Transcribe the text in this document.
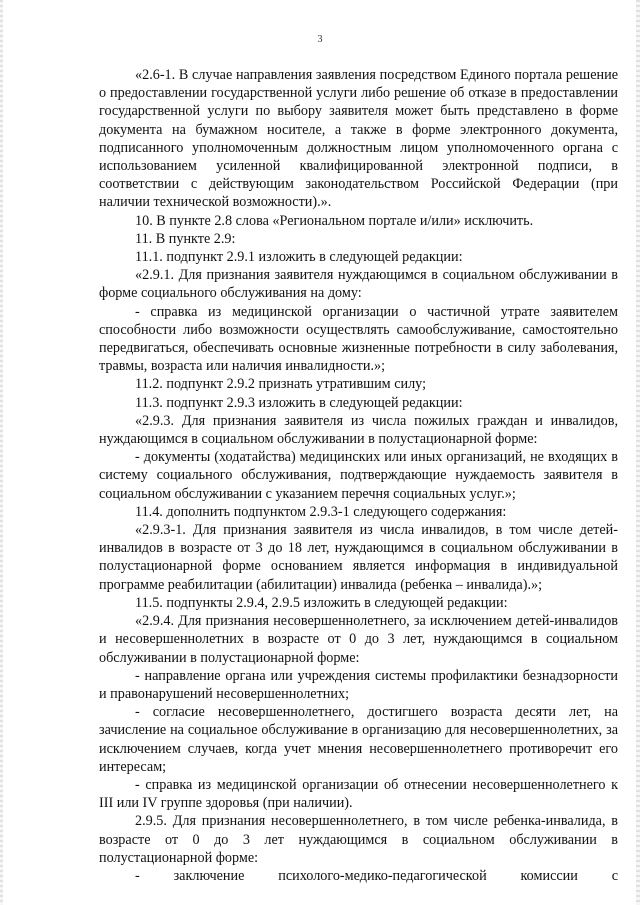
3

«2.6-1. В случае направления заявления посредством Единого портала решение о предоставлении государственной услуги либо решение об отказе в предоставлении государственной услуги по выбору заявителя может быть представлено в форме документа на бумажном носителе, а также в форме электронного документа, подписанного уполномоченным должностным лицом уполномоченного органа с использованием усиленной квалифицированной электронной подписи, в соответствии с действующим законодательством Российской Федерации (при наличии технической возможности).».

10. В пункте 2.8 слова «Региональном портале и/или» исключить.

11. В пункте 2.9:

11.1. подпункт 2.9.1 изложить в следующей редакции:

«2.9.1. Для признания заявителя нуждающимся в социальном обслуживании в форме социального обслуживания на дому:

- справка из медицинской организации о частичной утрате заявителем способности либо возможности осуществлять самообслуживание, самостоятельно передвигаться, обеспечивать основные жизненные потребности в силу заболевания, травмы, возраста или наличия инвалидности.»;

11.2. подпункт 2.9.2 признать утратившим силу;

11.3. подпункт 2.9.3 изложить в следующей редакции:

«2.9.3. Для признания заявителя из числа пожилых граждан и инвалидов, нуждающимся в социальном обслуживании в полустационарной форме:

- документы (ходатайства) медицинских или иных организаций, не входящих в систему социального обслуживания, подтверждающие нуждаемость заявителя в социальном обслуживании с указанием перечня социальных услуг.»;

11.4. дополнить подпунктом 2.9.3-1 следующего содержания:

«2.9.3-1. Для признания заявителя из числа инвалидов, в том числе детей-инвалидов в возрасте от 3 до 18 лет, нуждающимся в социальном обслуживании в полустационарной форме основанием является информация в индивидуальной программе реабилитации (абилитации) инвалида (ребенка – инвалида).»;

11.5. подпункты 2.9.4, 2.9.5 изложить в следующей редакции:

«2.9.4. Для признания несовершеннолетнего, за исключением детей-инвалидов и несовершеннолетних в возрасте от 0 до 3 лет, нуждающимся в социальном обслуживании в полустационарной форме:

- направление органа или учреждения системы профилактики безнадзорности и правонарушений несовершеннолетних;

- согласие несовершеннолетнего, достигшего возраста десяти лет, на зачисление на социальное обслуживание в организацию для несовершеннолетних, за исключением случаев, когда учет мнения несовершеннолетнего противоречит его интересам;

- справка из медицинской организации об отнесении несовершеннолетнего к III или IV группе здоровья (при наличии).

2.9.5. Для признания несовершеннолетнего, в том числе ребенка-инвалида, в возрасте от 0 до 3 лет нуждающимся в социальном обслуживании в полустационарной форме:

- заключение психолого-медико-педагогической комиссии с
